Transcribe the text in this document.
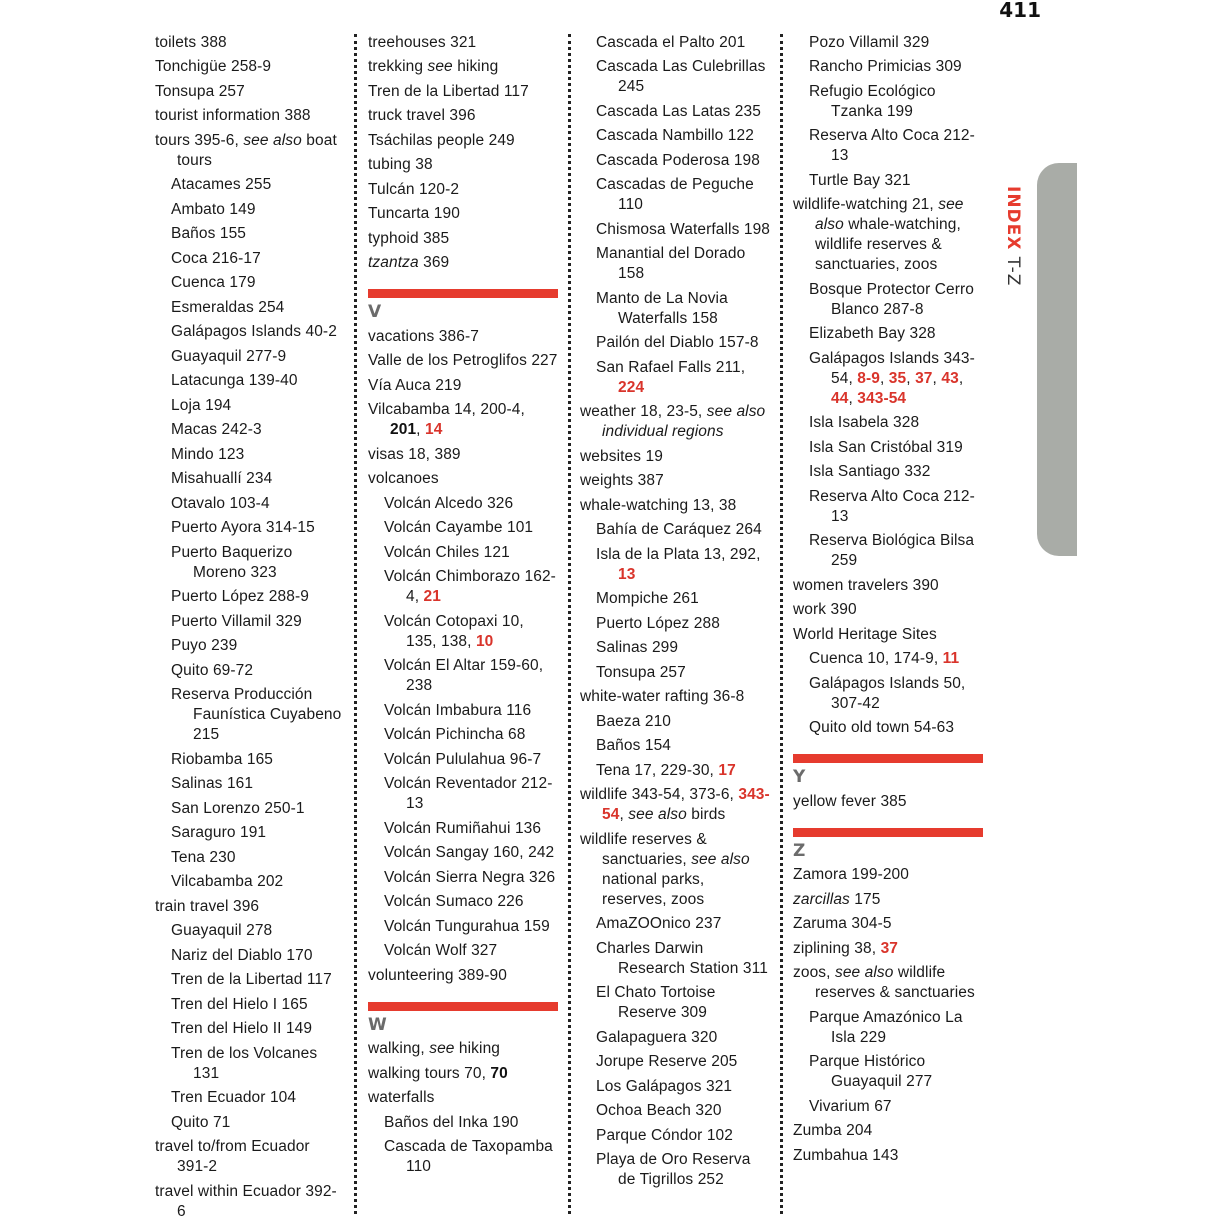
411
toilets 388
Tonchigüe 258-9
Tonsupa 257
tourist information 388
tours 395-6, see also boat tours
Atacames 255
Ambato 149
Baños 155
Coca 216-17
Cuenca 179
Esmeraldas 254
Galápagos Islands 40-2
Guayaquil 277-9
Latacunga 139-40
Loja 194
Macas 242-3
Mindo 123
Misahuallí 234
Otavalo 103-4
Puerto Ayora 314-15
Puerto Baquerizo Moreno 323
Puerto López 288-9
Puerto Villamil 329
Puyo 239
Quito 69-72
Reserva Producción Faunística Cuyabeno 215
Riobamba 165
Salinas 161
San Lorenzo 250-1
Saraguro 191
Tena 230
Vilcabamba 202
train travel 396
Guayaquil 278
Nariz del Diablo 170
Tren de la Libertad 117
Tren del Hielo I 165
Tren del Hielo II 149
Tren de los Volcanes 131
Tren Ecuador 104
Quito 71
travel to/from Ecuador 391-2
travel within Ecuador 392-6
treehouses 321
trekking see hiking
Tren de la Libertad 117
truck travel 396
Tsáchilas people 249
tubing 38
Tulcán 120-2
Tuncarta 190
typhoid 385
tzantza 369
V
vacations 386-7
Valle de los Petroglifos 227
Vía Auca 219
Vilcabamba 14, 200-4, 201, 14
visas 18, 389
volcanoes
Volcán Alcedo 326
Volcán Cayambe 101
Volcán Chiles 121
Volcán Chimborazo 162-4, 21
Volcán Cotopaxi 10, 135, 138, 10
Volcán El Altar 159-60, 238
Volcán Imbabura 116
Volcán Pichincha 68
Volcán Pululahua 96-7
Volcán Reventador 212-13
Volcán Rumiñahui 136
Volcán Sangay 160, 242
Volcán Sierra Negra 326
Volcán Sumaco 226
Volcán Tungurahua 159
Volcán Wolf 327
volunteering 389-90
W
walking, see hiking
walking tours 70, 70
waterfalls
Baños del Inka 190
Cascada de Taxopamba 110
Cascada el Palto 201
Cascada Las Culebrillas 245
Cascada Las Latas 235
Cascada Nambillo 122
Cascada Poderosa 198
Cascadas de Peguche 110
Chismosa Waterfalls 198
Manantial del Dorado 158
Manto de La Novia Waterfalls 158
Pailón del Diablo 157-8
San Rafael Falls 211, 224
weather 18, 23-5, see also individual regions
websites 19
weights 387
whale-watching 13, 38
Bahía de Caráquez 264
Isla de la Plata 13, 292, 13
Mompiche 261
Puerto López 288
Salinas 299
Tonsupa 257
white-water rafting 36-8
Baeza 210
Baños 154
Tena 17, 229-30, 17
wildlife 343-54, 373-6, 343-54, see also birds
wildlife reserves & sanctuaries, see also national parks, reserves, zoos
AmaZOOnico 237
Charles Darwin Research Station 311
El Chato Tortoise Reserve 309
Galapaguera 320
Jorupe Reserve 205
Los Galápagos 321
Ochoa Beach 320
Parque Cóndor 102
Playa de Oro Reserva de Tigrillos 252
Pozo Villamil 329
Rancho Primicias 309
Refugio Ecológico Tzanka 199
Reserva Alto Coca 212-13
Turtle Bay 321
wildlife-watching 21, see also whale-watching, wildlife reserves & sanctuaries, zoos
Bosque Protector Cerro Blanco 287-8
Elizabeth Bay 328
Galápagos Islands 343-54, 8-9, 35, 37, 43, 44, 343-54
Isla Isabela 328
Isla San Cristóbal 319
Isla Santiago 332
Reserva Alto Coca 212-13
Reserva Biológica Bilsa 259
women travelers 390
work 390
World Heritage Sites
Cuenca 10, 174-9, 11
Galápagos Islands 50, 307-42
Quito old town 54-63
Y
yellow fever 385
Z
Zamora 199-200
zarcillas 175
Zaruma 304-5
ziplining 38, 37
zoos, see also wildlife reserves & sanctuaries
Parque Amazónico La Isla 229
Parque Histórico Guayaquil 277
Vivarium 67
Zumba 204
Zumbahua 143
INDEX T-Z
